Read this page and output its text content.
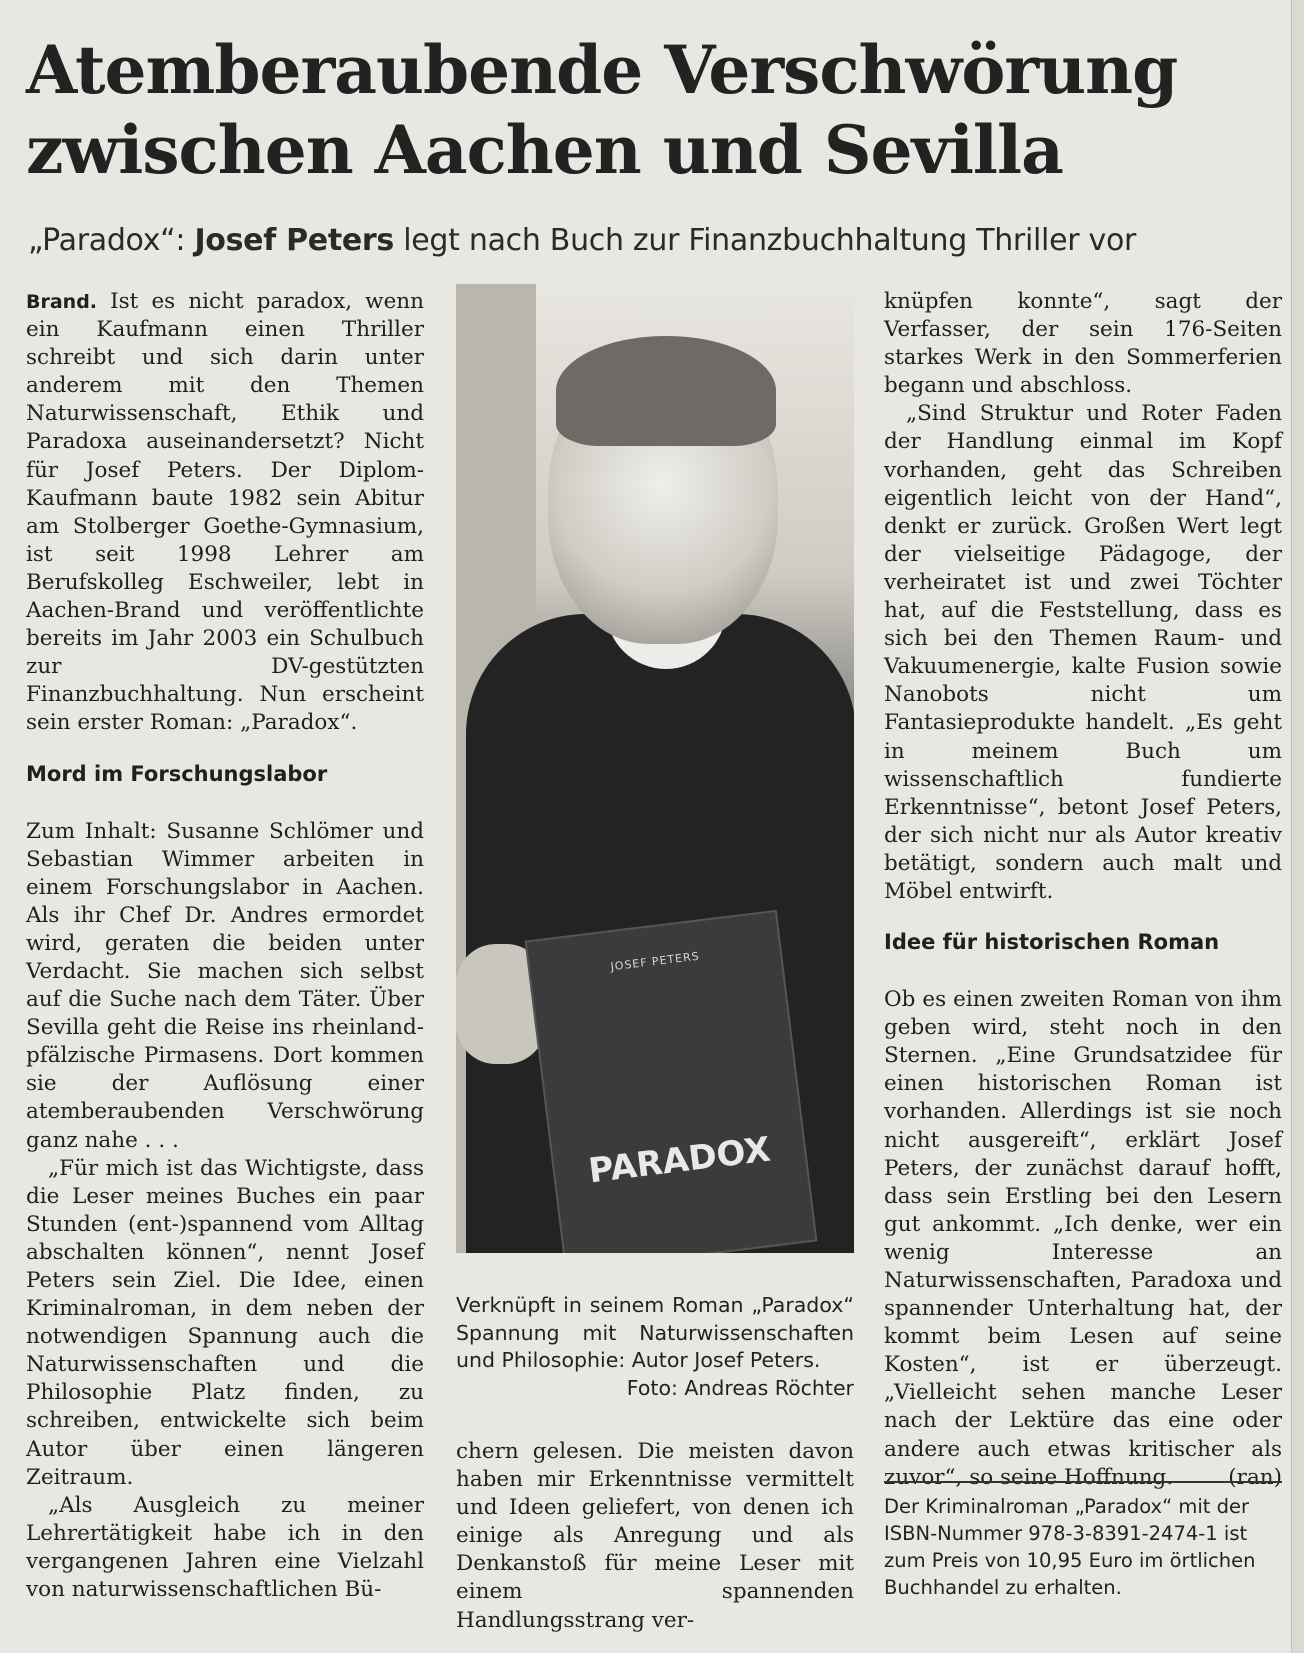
Atemberaubende Verschwörung
zwischen Aachen und Sevilla
„Paradox“: Josef Peters legt nach Buch zur Finanzbuchhaltung Thriller vor

Brand. Ist es nicht paradox, wenn ein Kaufmann einen Thriller schreibt und sich darin unter anderem mit den Themen Naturwissenschaft, Ethik und Paradoxa auseinandersetzt? Nicht für Josef Peters. Der Diplom-Kaufmann baute 1982 sein Abitur am Stolberger Goethe-Gymnasium, ist seit 1998 Lehrer am Berufskolleg Eschweiler, lebt in Aachen-Brand und veröffentlichte bereits im Jahr 2003 ein Schulbuch zur DV-gestützten Finanzbuchhaltung. Nun erscheint sein erster Roman: „Paradox“.

Mord im Forschungslabor

Zum Inhalt: Susanne Schlömer und Sebastian Wimmer arbeiten in einem Forschungslabor in Aachen. Als ihr Chef Dr. Andres ermordet wird, geraten die beiden unter Verdacht. Sie machen sich selbst auf die Suche nach dem Täter. Über Sevilla geht die Reise ins rheinland-pfälzische Pirmasens. Dort kommen sie der Auflösung einer atemberaubenden Verschwörung ganz nahe . . .

„Für mich ist das Wichtigste, dass die Leser meines Buches ein paar Stunden (ent-)spannend vom Alltag abschalten können“, nennt Josef Peters sein Ziel. Die Idee, einen Kriminalroman, in dem neben der notwendigen Spannung auch die Naturwissenschaften und die Philosophie Platz finden, zu schreiben, entwickelte sich beim Autor über einen längeren Zeitraum.

„Als Ausgleich zu meiner Lehrertätigkeit habe ich in den vergangenen Jahren eine Vielzahl von naturwissenschaftlichen Bü-

JOSEF PETERS
PARADOX
Verknüpft in seinem Roman „Paradox“ Spannung mit Naturwissenschaften und Philosophie: Autor Josef Peters.
Foto: Andreas Röchter

chern gelesen. Die meisten davon haben mir Erkenntnisse vermittelt und Ideen geliefert, von denen ich einige als Anregung und als Denkanstoß für meine Leser mit einem spannenden Handlungsstrang ver-

knüpfen konnte“, sagt der Verfasser, der sein 176-Seiten starkes Werk in den Sommerferien begann und abschloss.

„Sind Struktur und Roter Faden der Handlung einmal im Kopf vorhanden, geht das Schreiben eigentlich leicht von der Hand“, denkt er zurück. Großen Wert legt der vielseitige Pädagoge, der verheiratet ist und zwei Töchter hat, auf die Feststellung, dass es sich bei den Themen Raum- und Vakuumenergie, kalte Fusion sowie Nanobots nicht um Fantasieprodukte handelt. „Es geht in meinem Buch um wissenschaftlich fundierte Erkenntnisse“, betont Josef Peters, der sich nicht nur als Autor kreativ betätigt, sondern auch malt und Möbel entwirft.

Idee für historischen Roman

Ob es einen zweiten Roman von ihm geben wird, steht noch in den Sternen. „Eine Grundsatzidee für einen historischen Roman ist vorhanden. Allerdings ist sie noch nicht ausgereift“, erklärt Josef Peters, der zunächst darauf hofft, dass sein Erstling bei den Lesern gut ankommt. „Ich denke, wer ein wenig Interesse an Naturwissenschaften, Paradoxa und spannender Unterhaltung hat, der kommt beim Lesen auf seine Kosten“, ist er überzeugt. „Vielleicht sehen manche Leser nach der Lektüre das eine oder andere auch etwas kritischer als zuvor“, so seine Hoffnung.	(ran)

Der Kriminalroman „Paradox“ mit der ISBN-Nummer 978-3-8391-2474-1 ist zum Preis von 10,95 Euro im örtlichen Buchhandel zu erhalten.
